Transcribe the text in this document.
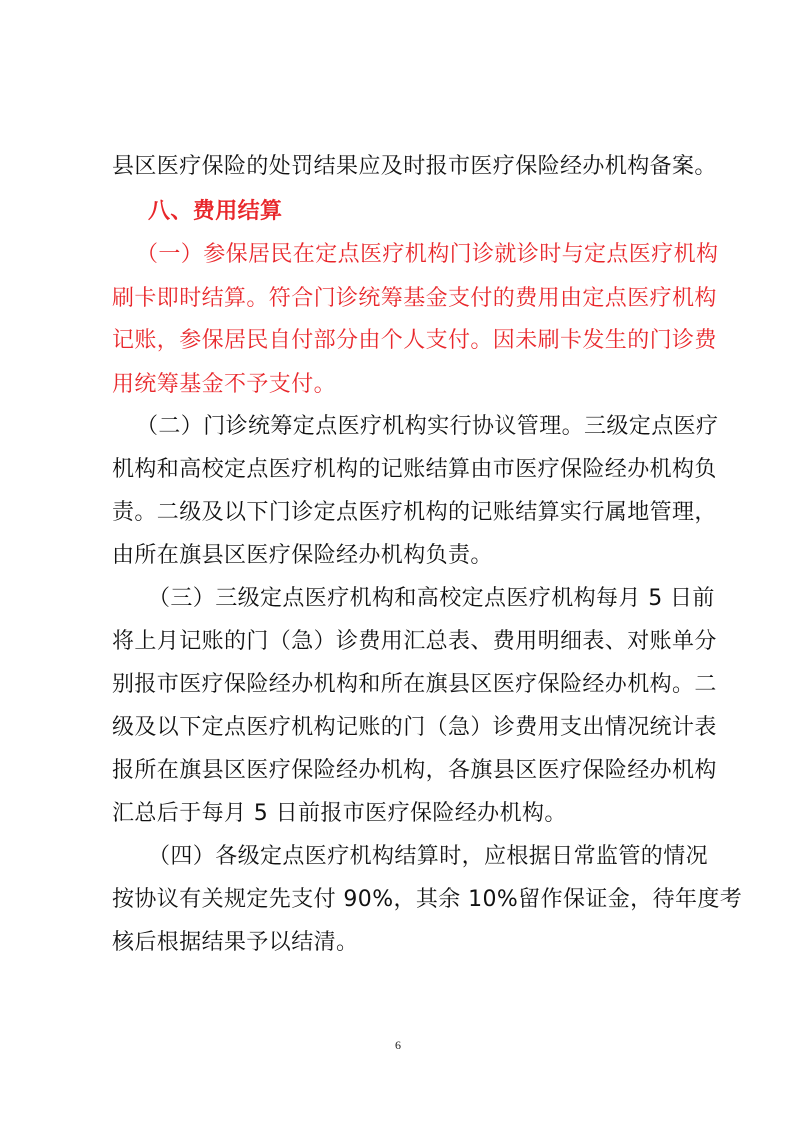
县区医疗保险的处罚结果应及时报市医疗保险经办机构备案。
八、费用结算
（一）参保居民在定点医疗机构门诊就诊时与定点医疗机构
刷卡即时结算。符合门诊统筹基金支付的费用由定点医疗机构
记账，参保居民自付部分由个人支付。因未刷卡发生的门诊费
用统筹基金不予支付。
（二）门诊统筹定点医疗机构实行协议管理。三级定点医疗
机构和高校定点医疗机构的记账结算由市医疗保险经办机构负
责。二级及以下门诊定点医疗机构的记账结算实行属地管理，
由所在旗县区医疗保险经办机构负责。
（三）三级定点医疗机构和高校定点医疗机构每月 5 日前
将上月记账的门（急）诊费用汇总表、费用明细表、对账单分
别报市医疗保险经办机构和所在旗县区医疗保险经办机构。二
级及以下定点医疗机构记账的门（急）诊费用支出情况统计表
报所在旗县区医疗保险经办机构，各旗县区医疗保险经办机构
汇总后于每月 5 日前报市医疗保险经办机构。
（四）各级定点医疗机构结算时，应根据日常监管的情况
按协议有关规定先支付 90%，其余 10%留作保证金，待年度考
核后根据结果予以结清。
6
